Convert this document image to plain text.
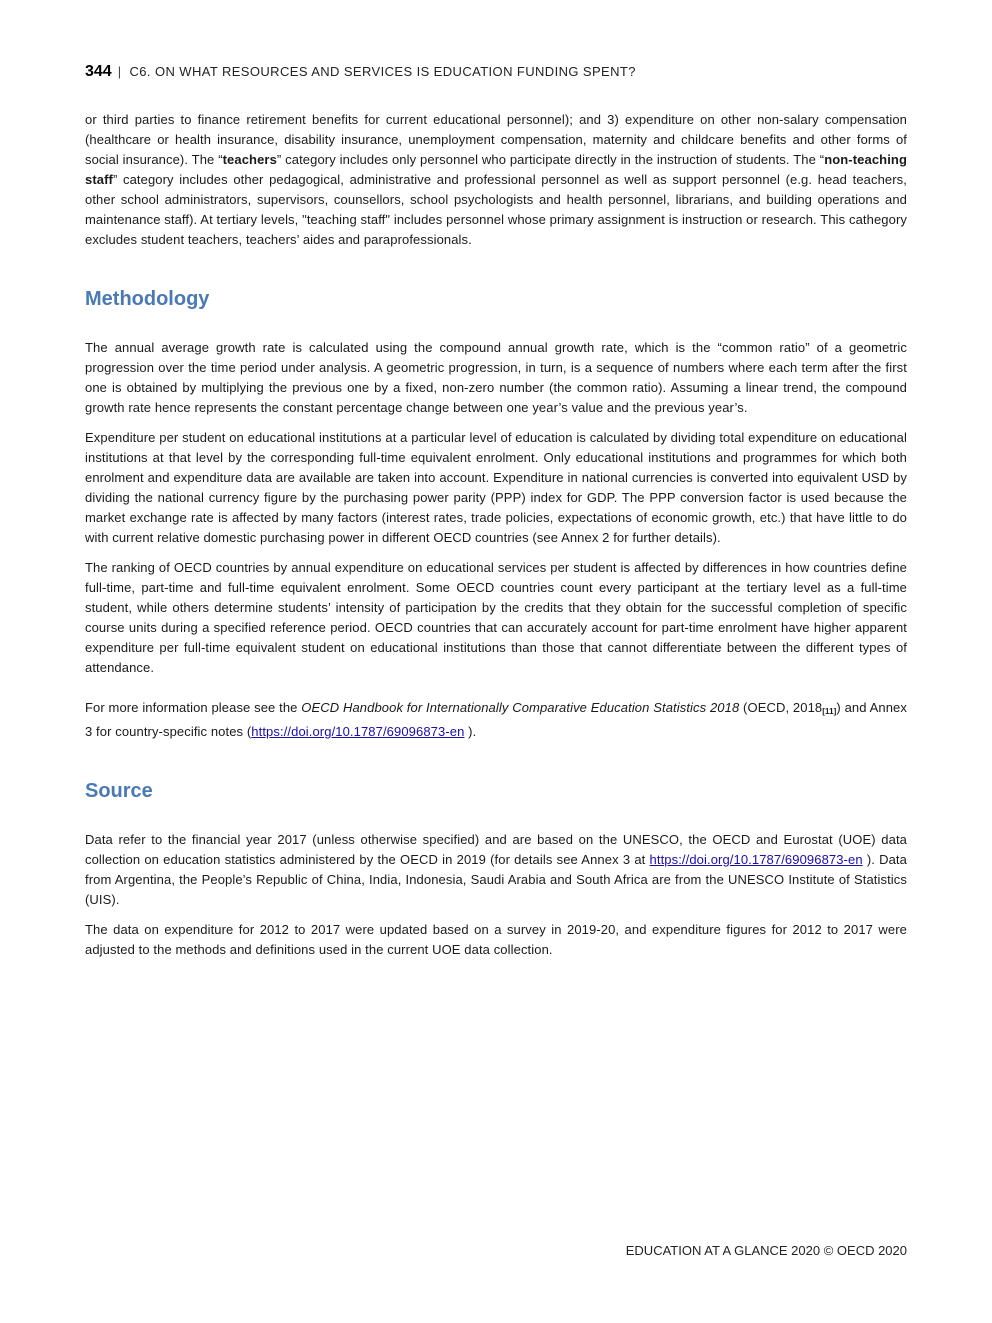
344 | C6. ON WHAT RESOURCES AND SERVICES IS EDUCATION FUNDING SPENT?

or third parties to finance retirement benefits for current educational personnel); and 3) expenditure on other non-salary compensation (healthcare or health insurance, disability insurance, unemployment compensation, maternity and childcare benefits and other forms of social insurance). The “teachers” category includes only personnel who participate directly in the instruction of students. The “non-teaching staff” category includes other pedagogical, administrative and professional personnel as well as support personnel (e.g. head teachers, other school administrators, supervisors, counsellors, school psychologists and health personnel, librarians, and building operations and maintenance staff). At tertiary levels, "teaching staff" includes personnel whose primary assignment is instruction or research. This cathegory excludes student teachers, teachers’ aides and paraprofessionals.

Methodology

The annual average growth rate is calculated using the compound annual growth rate, which is the “common ratio” of a geometric progression over the time period under analysis. A geometric progression, in turn, is a sequence of numbers where each term after the first one is obtained by multiplying the previous one by a fixed, non-zero number (the common ratio). Assuming a linear trend, the compound growth rate hence represents the constant percentage change between one year’s value and the previous year’s.

Expenditure per student on educational institutions at a particular level of education is calculated by dividing total expenditure on educational institutions at that level by the corresponding full-time equivalent enrolment. Only educational institutions and programmes for which both enrolment and expenditure data are available are taken into account. Expenditure in national currencies is converted into equivalent USD by dividing the national currency figure by the purchasing power parity (PPP) index for GDP. The PPP conversion factor is used because the market exchange rate is affected by many factors (interest rates, trade policies, expectations of economic growth, etc.) that have little to do with current relative domestic purchasing power in different OECD countries (see Annex 2 for further details).

The ranking of OECD countries by annual expenditure on educational services per student is affected by differences in how countries define full-time, part-time and full-time equivalent enrolment. Some OECD countries count every participant at the tertiary level as a full-time student, while others determine students’ intensity of participation by the credits that they obtain for the successful completion of specific course units during a specified reference period. OECD countries that can accurately account for part-time enrolment have higher apparent expenditure per full-time equivalent student on educational institutions than those that cannot differentiate between the different types of attendance.

For more information please see the OECD Handbook for Internationally Comparative Education Statistics 2018 (OECD, $2018_{[11]}$) and Annex 3 for country-specific notes (https://doi.org/10.1787/69096873-en ).

Source

Data refer to the financial year 2017 (unless otherwise specified) and are based on the UNESCO, the OECD and Eurostat (UOE) data collection on education statistics administered by the OECD in 2019 (for details see Annex 3 at https://doi.org/10.1787/69096873-en ). Data from Argentina, the People’s Republic of China, India, Indonesia, Saudi Arabia and South Africa are from the UNESCO Institute of Statistics (UIS).

The data on expenditure for 2012 to 2017 were updated based on a survey in 2019-20, and expenditure figures for 2012 to 2017 were adjusted to the methods and definitions used in the current UOE data collection.

EDUCATION AT A GLANCE 2020 © OECD 2020
